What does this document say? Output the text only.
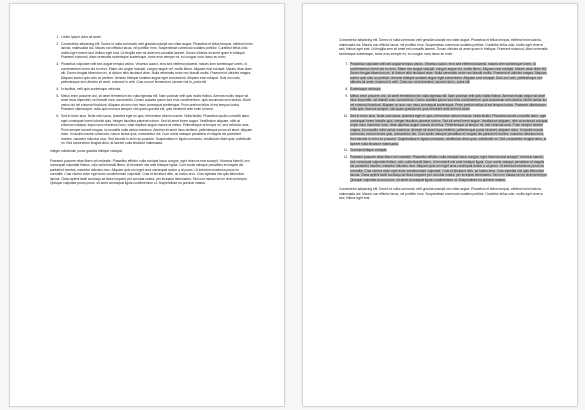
1. Lorem ipsum dolor sit amet.
2. Consectetur adipiscing elit. Donec id nulla commodo velit gravida suscipit nec vitae augue. Phasellus et tellus tempus, eleifend enim lacinia, malesuada dui. Mauris non efficitur lacus, vel porttitor eros. Suspendisse commodo sodales porttitor. Curabitur tellus odio, mollis eget viverra sed, finibus eget erat. Ut fringilla sem sit amet est convallis laoreet. Donec ultricies sit amet quam in tristique. Praesent euismod, diam venenatis scelerisque scelerisque, tortor eros semper mi, eu congue nunc lacus eu enim.
3. Phasellus vulputate velit sed augue tempus varius. Vivamus auctor, eros sed eleifend placerat, mauris sem scelerisque lorem, id condimentum lorem dui eu eros. Etiam nec augue suscipit, congue augue vel, mollis libero. Aliquam erat volutpat. Mauris vitae diam elit. Donec feugiat bibendum ex, id dictum nibh tincidunt vitae. Nulla venenatis tortor nec blandit mollis. Praesent et ultricies magna. Aliquam auctor quis odio ac pretium. Aenean tristique sodales augue eget consectetur. Aliquam erat volutpat. Duis orci odio, pellentesque sed ultricies sit amet, euismod in velit. Cras non mi fermentum, laoreet nisl in, porta elit.
4. In facilisis, velit quis scelerisque vehicula.
5. Metus enim posuere orci, sit amet fermentum leo nulla egestas elit. Nam pulvinar velit quis mollis finibus. Aenean mollis neque sit amet risus imperdiet, vel blandit nunc consectetur. Donec sodales ipsum sed eros condimentum, quis accumsan sem lacinia. Morbi varius dui vel euismod tincidunt. Aliquam at nunc non risus consequat scelerisque. Proin pretium tellus id est tempus luctus. Praesent ullamcorper, nulla quis moncus semper, nisl quam gravida elit, quis hendrerit ante enim id tortor.
6. Sed in tortor arcu. Nulla odio lacus, pharetra eget ex quis, fermentum dictum mauris. Nulla facilisi. Phasellus iaculis convallis diam, eget consequat lorem lobortis quis. Integer faucibus placerat rutrum. Sed sit amet lorem augue. Vestibulum aliquam, nibh at euismod volutpat, turpis nunc maximus nunc, vitae dapibus augue mauris at metus. Pellentesque at tempor mi, sed vehicula urna. Proin semper laoreet magna, id convallis nulla varius maximus. Aenean sit amet risus eleifend, pellentesque purus sit amet, aliquam dolor. In iaculis mauris commodo, rutrum lectus quis, consectetur dui. Cum sociis natoque penatibus et magnis dis parturient montes, nascetur ridiculus mus. Sed lobortis in enim eu posuere. Suspendisse in ligula commodo, vestibulum diam quis, sollicitudin mi. Sed consectetur feugiat dolor, at laoreet nulla tincidunt malesuada.

Integer sollicitudin purus gravida tristique volutpat.

Praesent posuere vitae libero vel molestie. Phasellus efficitur nulla volutpat lacus congue, eget rhoncus erat suscipit. Vivamus blandit, orci consequat vulputate finibus, odio nulla blandit libero, id hendrerit nisi ante tristique ligula. Cum sociis natoque penatibus et magnis dis parturient montes, nascetur ridiculus mus. Aliquam quis orci eget urna consequat auctor a ut purus. Ut interdum maximus purus eu convallis. Cras viverra dolor eget dolor condimentum vulputate. Cras et tincidunt nibh, ac luctus arcu. Cras egestas nisi quis bibendum lacinia. Class aptent taciti sociosqu ad litora torquent per conubia nostra, per inceptos himenaeos. Sed non massa vel ex viverra tempor. Quisque vulputate purus purus, sit amet consequat ligula condimentum ut. Suspendisse eu pulvinar massa.

Consectetur adipiscing elit. Donec id nulla commodo velit gravida suscipit nec vitae augue. Phasellus et tellus tempus, eleifend enim lacinia, malesuada dui. Mauris non efficitur lacus, vel porttitor eros. Suspendisse commodo sodales porttitor. Curabitur tellus odio, mollis eget viverra sed, finibus eget erat. Ut fringilla sem sit amet est convallis laoreet. Donec ultricies sit amet quam in tristique. Praesent euismod, diam venenatis scelerisque scelerisque, tortor eros semper mi, eu congue nunc lacus eu enim.

7. Phasellus vulputate velit sed augue tempus varius. Vivamus auctor, eros sed eleifend placerat, mauris sem scelerisque lorem, id condimentum lorem dui eu eros. Etiam nec augue suscipit, congue augue vel, mollis libero. Aliquam erat volutpat. Mauris vitae diam elit. Donec feugiat bibendum ex, id dictum nibh tincidunt vitae. Nulla venenatis tortor nec blandit mollis. Praesent et ultricies magna. Aliquam auctor quis odio ac pretium. Aenean tristique sodales augue eget consectetur. Aliquam erat volutpat. Duis orci odio, pellentesque sed ultricies sit amet, euismod in velit. Cras non mi fermentum, laoreet nisl in, porta elit.
8. Scelerisque vehicula.
9. Metus enim posuere orci, sit amet fermentum leo nulla egestas elit. Nam pulvinar velit quis mollis finibus. Aenean mollis neque sit amet risus imperdiet, vel blandit nunc consectetur. Donec sodales ipsum sed eros condimentum, quis accumsan sem lacinia. Morbi varius dui vel euismod tincidunt. Aliquam at nunc non risus consequat scelerisque. Proin pretium tellus id est tempus luctus. Praesent ullamcorper, nulla quis rhoncus semper, nisl quam gravida elit, quis hendrerit ante enim id tortor.
10. Sed in tortor arcu. Nulla odio lacus, pharetra eget ex quis, fermentum dictum mauris. Nulla facilisi. Phasellus iaculis convallis diam, eget consequat lorem lobortis quis. Integer faucibus placerat rutrum. Sed sit amet lorem augue. Vestibulum aliquam, nibh at euismod volutpat, turpis nunc maximus nunc, vitae dapibus augue mauris at metus. Pellentesque at tempor mi, sed vehicula urna. Proin semper laoreet magna, id convallis nulla varius maximus. Aenean sit amet risus eleifend, pellentesque purus sit amet, aliquam dolor. In iaculis mauris commodo, rutrum lectus quis, consectetur dui. Cum sociis natoque penatibus et magnis dis parturient montes, nascetur ridiculus mus. Sed lobortis in enim eu posuere. Suspendisse in ligula commodo, vestibulum diam quis, sollicitudin mi. Sed consectetur feugiat dolor, at laoreet nulla tincidunt malesuada.
11. Gravida tristique volutpat.
12. Praesent posuere vitae libero vel molestie. Phasellus efficitur nulla volutpat lacus congue, eget rhoncus erat suscipit. Vivamus blandit, orci consequat vulputate finibus, odio nulla blandit libero, id hendrerit nisi ante tristique ligula. Cum sociis natoque penatibus et magnis dis parturient montes, nascetur ridiculus mus. Aliquam quis orci eget urna consequat auctor a ut purus. Ut interdum maximus purus eu convallis. Cras viverra dolor eget dolor condimentum vulputate. Cras et tincidunt nibh, ac luctus arcu. Cras egestas nisi quis bibendum lacinia. Class aptent taciti sociosqu ad litora torquent per conubia nostra, per inceptos himenaeos. Sed non massa vel ex viverra tempor. Quisque vulputate purus purus, sit amet consequat ligula condimentum ut. Suspendisse eu pulvinar massa.

Consectetur adipiscing elit. Donec id nulla commodo velit gravida suscipit nec vitae augue. Phasellus et tellus tempus, eleifend enim lacinia, malesuada dui. Mauris non efficitur lacus, vel porttitor eros. Suspendisse commodo sodales porttitor. Curabitur tellus odio, mollis eget viverra sed, finibus eget erat.
